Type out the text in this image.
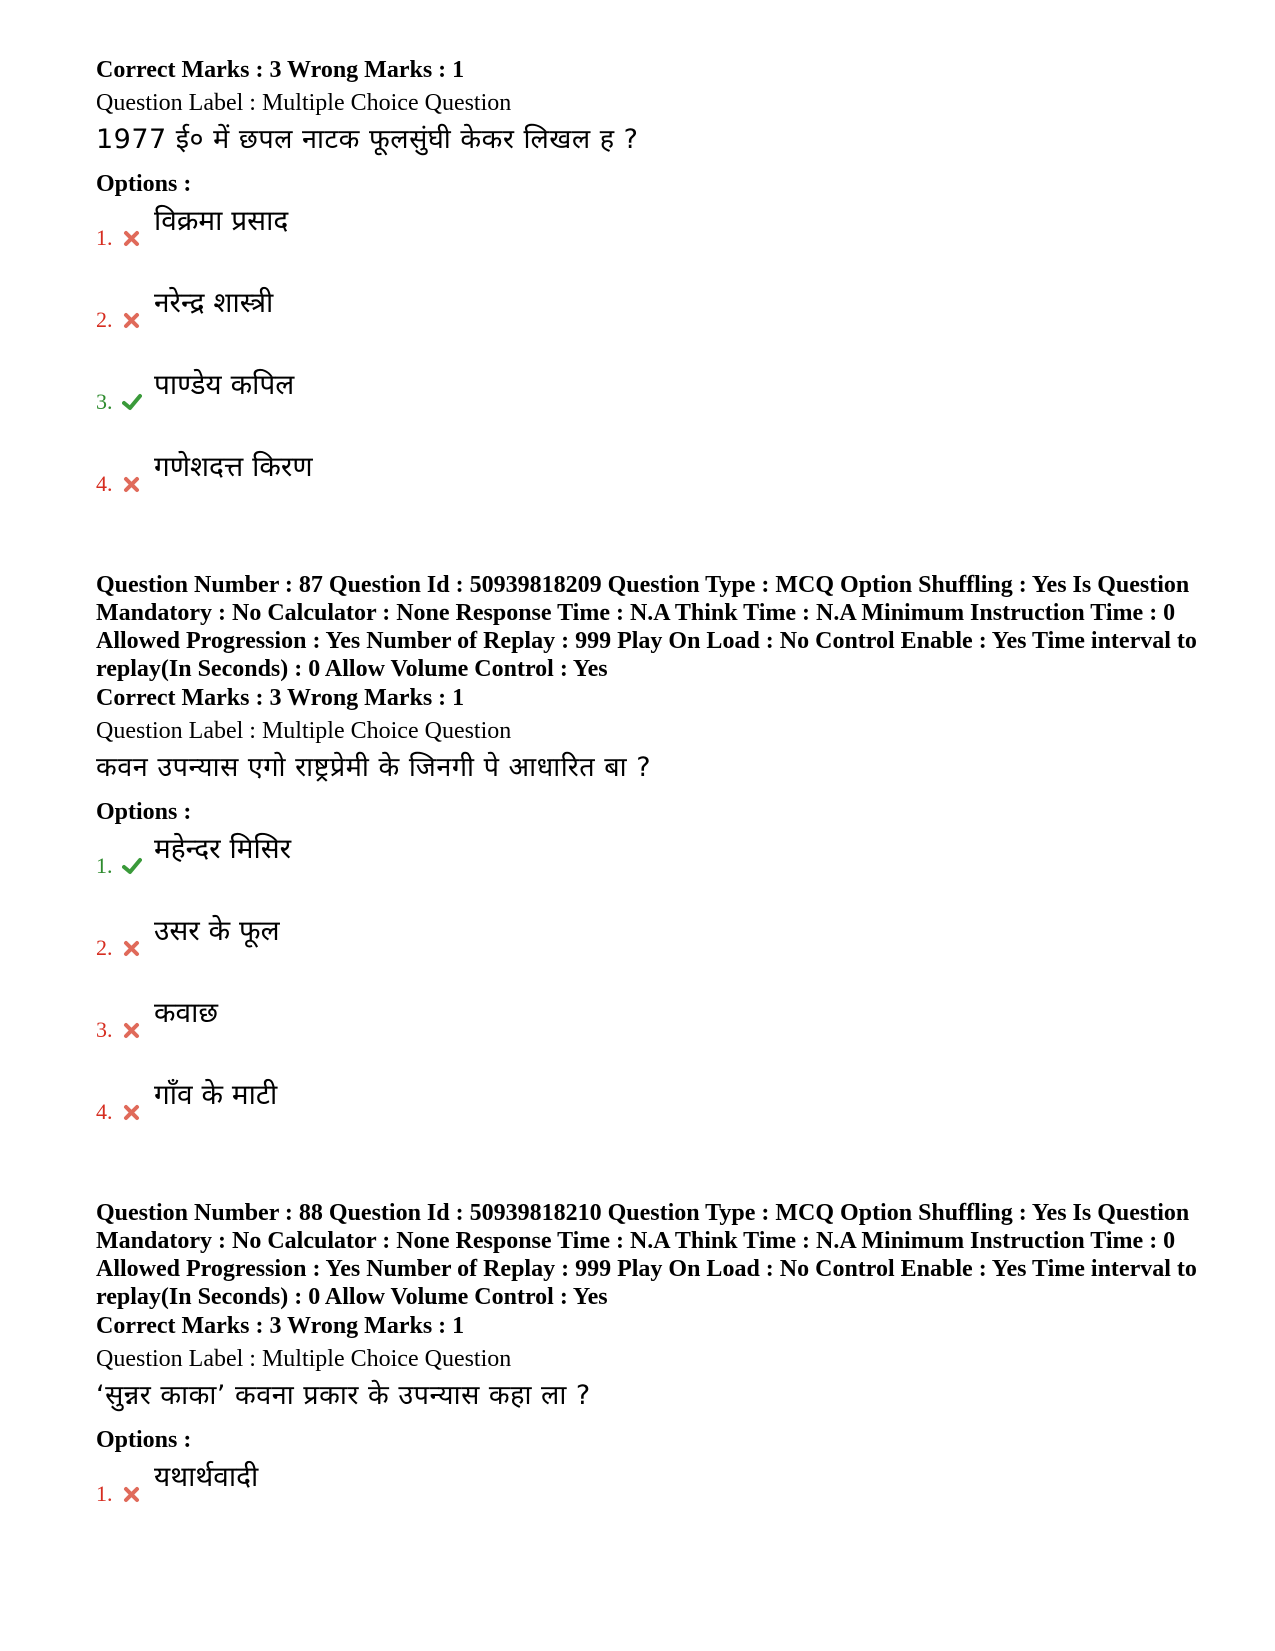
Correct Marks : 3 Wrong Marks : 1
Question Label : Multiple Choice Question
1977 ई० में छपल नाटक फूलसुंघी केकर लिखल ह ?
Options :
1.
विक्रमा प्रसाद
2.
नरेन्द्र शास्त्री
3.
पाण्डेय कपिल
4.
गणेशदत्त किरण
Question Number : 87 Question Id : 50939818209 Question Type : MCQ Option Shuffling : Yes Is Question Mandatory : No Calculator : None Response Time : N.A Think Time : N.A Minimum Instruction Time : 0 Allowed Progression : Yes Number of Replay : 999 Play On Load : No Control Enable : Yes Time interval to replay(In Seconds) : 0 Allow Volume Control : Yes
Correct Marks : 3 Wrong Marks : 1
Question Label : Multiple Choice Question
कवन उपन्यास एगो राष्ट्रप्रेमी के जिनगी पे आधारित बा ?
Options :
1.
महेन्दर मिसिर
2.
उसर के फूल
3.
कवाछ
4.
गाँव के माटी
Question Number : 88 Question Id : 50939818210 Question Type : MCQ Option Shuffling : Yes Is Question Mandatory : No Calculator : None Response Time : N.A Think Time : N.A Minimum Instruction Time : 0 Allowed Progression : Yes Number of Replay : 999 Play On Load : No Control Enable : Yes Time interval to replay(In Seconds) : 0 Allow Volume Control : Yes
Correct Marks : 3 Wrong Marks : 1
Question Label : Multiple Choice Question
‘सुन्नर काका’ कवना प्रकार के उपन्यास कहा ला ?
Options :
1.
यथार्थवादी
